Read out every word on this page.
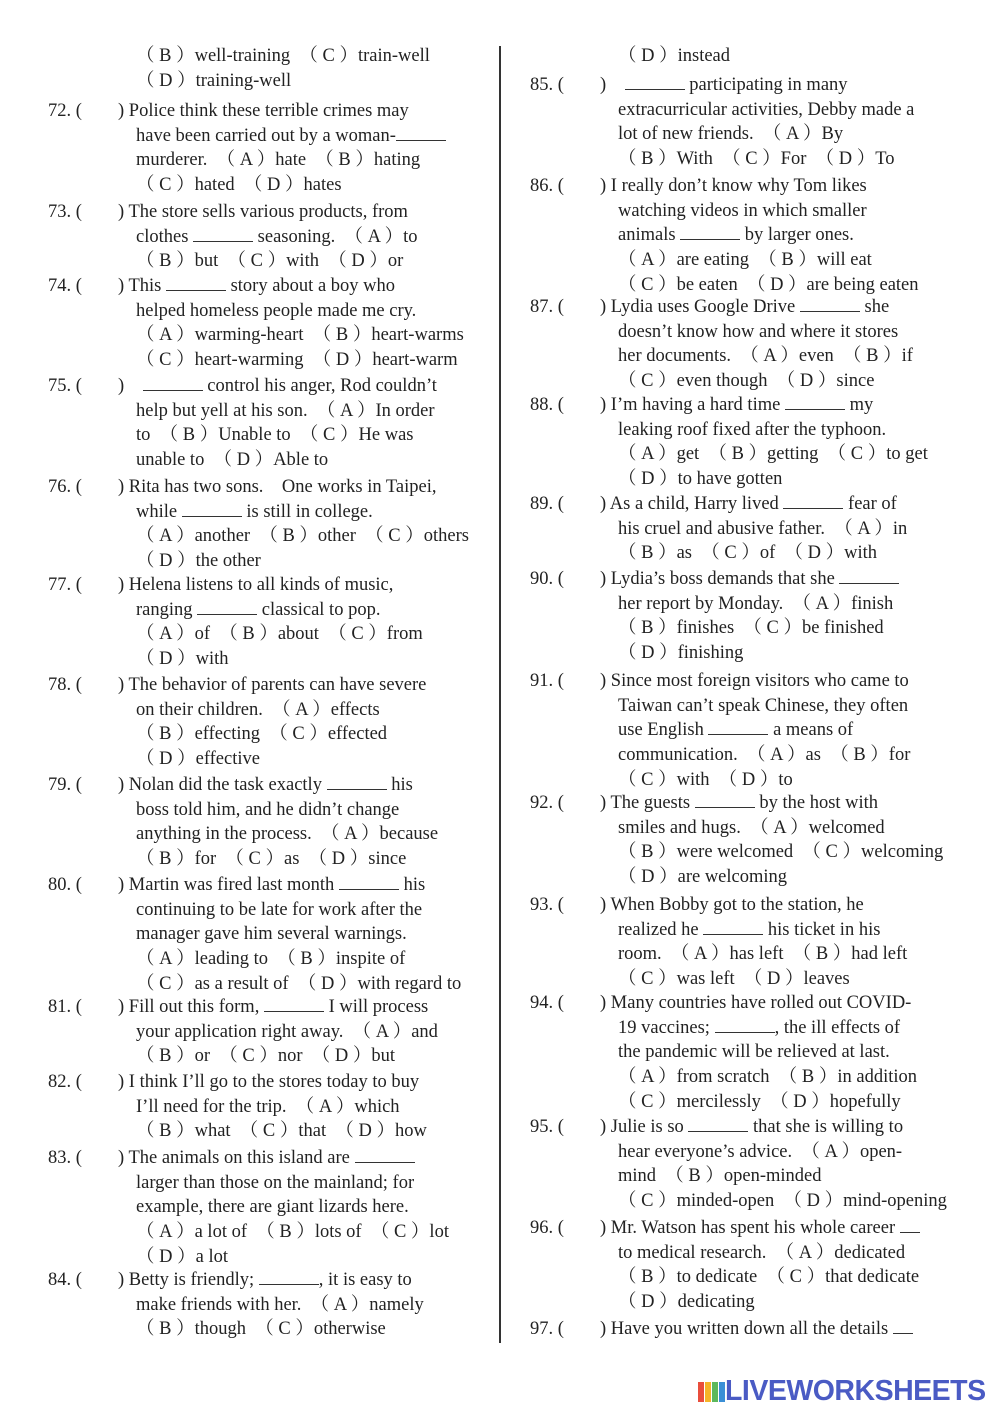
（ B ）well-training　（ C ）train-well
（ D ）training-well
72. ( ) Police think these terrible crimes may
have been carried out by a woman-
murderer.　（ A ）hate　（ B ）hating
（ C ）hated　（ D ）hates
73. ( ) The store sells various products, from
clothes	seasoning.　（ A ）to
（ B ）but　（ C ）with　（ D ）or
74. ( ) This	story about a boy who
helped homeless people made me cry.
（ A ）warming-heart　（ B ）heart-warms
（ C ）heart-warming　（ D ）heart-warm
75. ( )　	control his anger, Rod couldn’t
help but yell at his son.　（ A ）In order
to　（ B ）Unable to　（ C ）He was
unable to　（ D ）Able to
76. ( ) Rita has two sons.　One works in Taipei,
while	is still in college.
（ A ）another　（ B ）other　（ C ）others
（ D ）the other
77. ( ) Helena listens to all kinds of music,
ranging	classical to pop.
（ A ）of　（ B ）about　（ C ）from
（ D ）with
78. ( ) The behavior of parents can have severe
on their children.　（ A ）effects
（ B ）effecting　（ C ）effected
（ D ）effective
79. ( ) Nolan did the task exactly	his
boss told him, and he didn’t change
anything in the process.　（ A ）because
（ B ）for　（ C ）as　（ D ）since
80. ( ) Martin was fired last month	his
continuing to be late for work after the
manager gave him several warnings.
（ A ）leading to　（ B ）inspite of
（ C ）as a result of　（ D ）with regard to
81. ( ) Fill out this form,	I will process
your application right away.　（ A ）and
（ B ）or　（ C ）nor　（ D ）but
82. ( ) I think I’ll go to the stores today to buy
I’ll need for the trip.　（ A ）which
（ B ）what　（ C ）that　（ D ）how
83. ( ) The animals on this island are
larger than those on the mainland; for
example, there are giant lizards here.
（ A ）a lot of　（ B ）lots of　（ C ）lot
（ D ）a lot
84. ( ) Betty is friendly;	, it is easy to
make friends with her.　（ A ）namely
（ B ）though　（ C ）otherwise
（ D ）instead
85. ( )　	participating in many
extracurricular activities, Debby made a
lot of new friends.　（ A ）By
（ B ）With　（ C ）For　（ D ）To
86. ( ) I really don’t know why Tom likes
watching videos in which smaller
animals	by larger ones.
（ A ）are eating　（ B ）will eat
（ C ）be eaten　（ D ）are being eaten
87. ( ) Lydia uses Google Drive	she
doesn’t know how and where it stores
her documents.　（ A ）even　（ B ）if
（ C ）even though　（ D ）since
88. ( ) I’m having a hard time	my
leaking roof fixed after the typhoon.
（ A ）get　（ B ）getting　（ C ）to get
（ D ）to have gotten
89. ( ) As a child, Harry lived	fear of
his cruel and abusive father.　（ A ）in
（ B ）as　（ C ）of　（ D ）with
90. ( ) Lydia’s boss demands that she
her report by Monday.　（ A ）finish
（ B ）finishes　（ C ）be finished
（ D ）finishing
91. ( ) Since most foreign visitors who came to
Taiwan can’t speak Chinese, they often
use English	a means of
communication.　（ A ）as　（ B ）for
（ C ）with　（ D ）to
92. ( ) The guests	by the host with
smiles and hugs.　（ A ）welcomed
（ B ）were welcomed　（ C ）welcoming
（ D ）are welcoming
93. ( ) When Bobby got to the station, he
realized he	his ticket in his
room.　（ A ）has left　（ B ）had left
（ C ）was left　（ D ）leaves
94. ( ) Many countries have rolled out COVID-
19 vaccines;	, the ill effects of
the pandemic will be relieved at last.
（ A ）from scratch　（ B ）in addition
（ C ）mercilessly　（ D ）hopefully
95. ( ) Julie is so	that she is willing to
hear everyone’s advice.　（ A ）open-
mind　（ B ）open-minded
（ C ）minded-open　（ D ）mind-opening
96. ( ) Mr. Watson has spent his whole career
to medical research.　（ A ）dedicated
（ B ）to dedicate　（ C ）that dedicate
（ D ）dedicating
97. ( ) Have you written down all the details
LIVEWORKSHEETS
